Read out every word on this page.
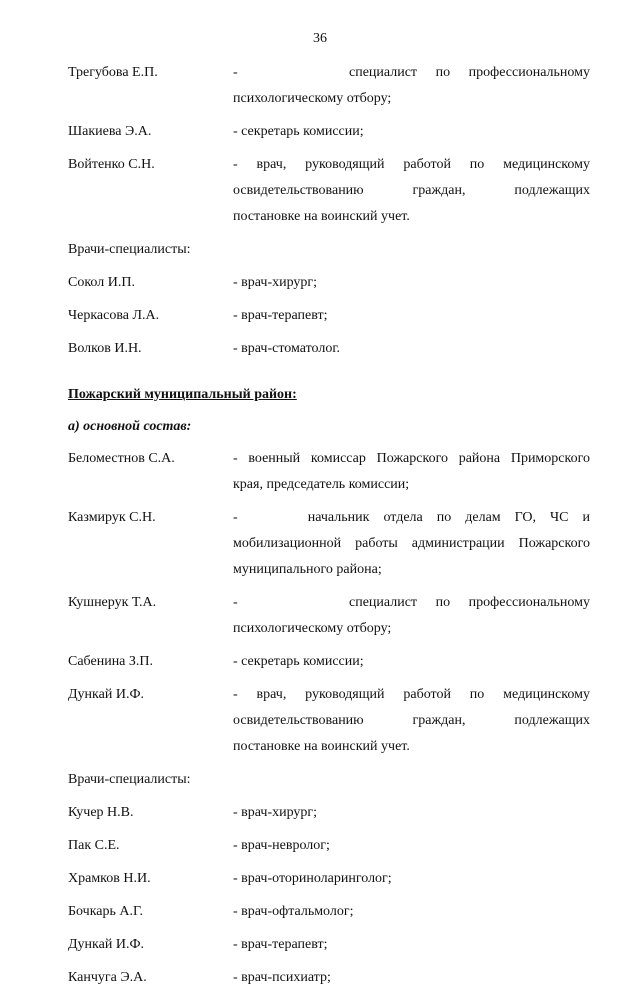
36
Трегубова Е.П.	-      специалист по профессиональному
психологическому отбору;
Шакиева Э.А.	- секретарь комиссии;
Войтенко С.Н.	- врач, руководящий работой по медицинскому
освидетельствованию граждан, подлежащих
постановке на воинский учет.
Врачи-специалисты:
Сокол И.П.	- врач-хирург;
Черкасова Л.А.	- врач-терапевт;
Волков И.Н.	- врач-стоматолог.
Пожарский муниципальный район:
а) основной состав:
Беломестнов С.А.	- военный комиссар Пожарского района Приморского
края, председатель комиссии;
Казмирук С.Н.	-     начальник отдела по делам ГО, ЧС и
мобилизационной работы администрации Пожарского
муниципального района;
Кушнерук Т.А.	-      специалист по профессиональному
психологическому отбору;
Сабенина З.П.	- секретарь комиссии;
Дункай И.Ф.	- врач, руководящий работой по медицинскому
освидетельствованию граждан, подлежащих
постановке на воинский учет.
Врачи-специалисты:
Кучер Н.В.	- врач-хирург;
Пак С.Е.	- врач-невролог;
Храмков Н.И.	- врач-оториноларинголог;
Бочкарь А.Г.	- врач-офтальмолог;
Дункай И.Ф.	- врач-терапевт;
Канчуга Э.А.	- врач-психиатр;
